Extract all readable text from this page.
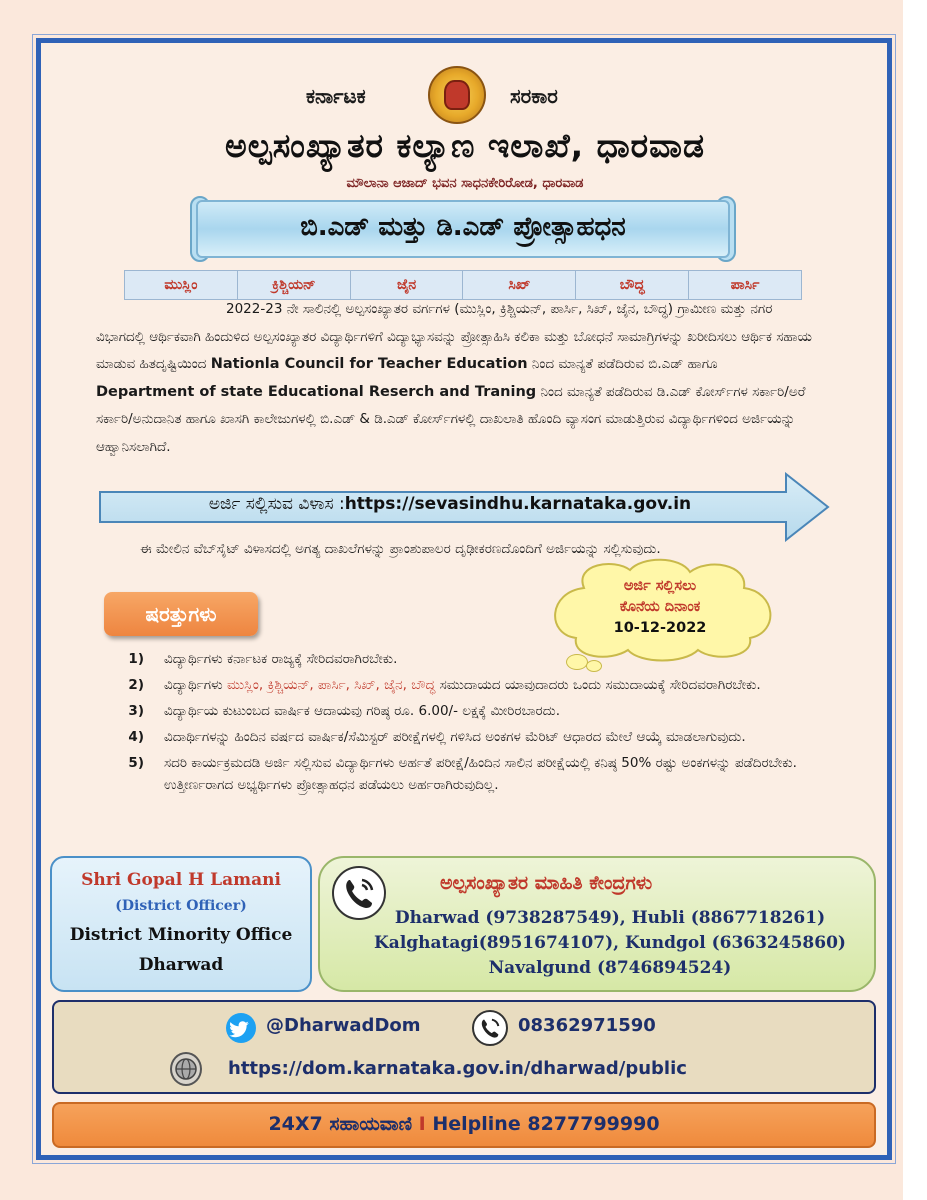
ಕರ್ನಾಟಕ	ಸರಕಾರ
ಅಲ್ಪಸಂಖ್ಯಾತರ ಕಲ್ಯಾಣ ಇಲಾಖೆ, ಧಾರವಾಡ
ಮೌಲಾನಾ ಆಜಾದ್ ಭವನ ಸಾಧನಕೇರಿರೋಡ, ಧಾರವಾಡ
ಬಿ.ಎಡ್ ಮತ್ತು ಡಿ.ಎಡ್ ಪ್ರೋತ್ಸಾಹಧನ
ಮುಸ್ಲಿಂ	ಕ್ರಿಶ್ಚಿಯನ್	ಜೈನ	ಸಿಖ್	ಬೌದ್ಧ	ಪಾರ್ಸಿ
2022-23 ನೇ ಸಾಲಿನಲ್ಲಿ ಅಲ್ಪಸಂಖ್ಯಾತರ ವರ್ಗಗಳ (ಮುಸ್ಲಿಂ, ಕ್ರಿಶ್ಚಿಯನ್, ಪಾರ್ಸಿ, ಸಿಖ್, ಜೈನ, ಬೌದ್ಧ) ಗ್ರಾಮೀಣ ಮತ್ತು ನಗರ ವಿಭಾಗದಲ್ಲಿ ಆರ್ಥಿಕವಾಗಿ ಹಿಂದುಳಿದ ಅಲ್ಪಸಂಖ್ಯಾತರ ವಿದ್ಯಾರ್ಥಿಗಳಿಗೆ ವಿದ್ಯಾಭ್ಯಾಸವನ್ನು ಪ್ರೋತ್ಸಾಹಿಸಿ ಕಲಿಕಾ ಮತ್ತು ಬೋಧನೆ ಸಾಮಾಗ್ರಿಗಳನ್ನು ಖರೀದಿಸಲು ಆರ್ಥಿಕ ಸಹಾಯ ಮಾಡುವ ಹಿತದೃಷ್ಟಿಯಿಂದ Nationla Council for Teacher Education ನಿಂದ ಮಾನ್ಯತೆ ಪಡೆದಿರುವ ಬಿ.ಎಡ್ ಹಾಗೂ Department of state Educational Reserch and Traning ನಿಂದ ಮಾನ್ಯತೆ ಪಡೆದಿರುವ ಡಿ.ಎಡ್ ಕೋರ್ಸ್‌ಗಳ ಸರ್ಕಾರಿ/ಅರೆ ಸರ್ಕಾರಿ/ಅನುದಾನಿತ ಹಾಗೂ ಖಾಸಗಿ ಕಾಲೇಜುಗಳಲ್ಲಿ ಬಿ.ಎಡ್ & ಡಿ.ಎಡ್ ಕೋರ್ಸ್‌ಗಳಲ್ಲಿ ದಾಖಲಾತಿ ಹೊಂದಿ ವ್ಯಾಸಂಗ ಮಾಡುತ್ತಿರುವ ವಿದ್ಯಾರ್ಥಿಗಳಿಂದ ಅರ್ಜಿಯನ್ನು ಆಹ್ವಾನಿಸಲಾಗಿದೆ.
ಅರ್ಜಿ ಸಲ್ಲಿಸುವ ವಿಳಾಸ :https://sevasindhu.karnataka.gov.in
ಈ ಮೇಲಿನ ವೆಬ್‌ಸೈಟ್ ವಿಳಾಸದಲ್ಲಿ ಅಗತ್ಯ ದಾಖಲೆಗಳನ್ನು ಪ್ರಾಂಶುಪಾಲರ ದೃಢೀಕರಣದೊಂದಿಗೆ ಅರ್ಜಿಯನ್ನು ಸಲ್ಲಿಸುವುದು.
ಅರ್ಜಿ ಸಲ್ಲಿಸಲು
ಕೊನೆಯ ದಿನಾಂಕ
10-12-2022
ಷರತ್ತುಗಳು
1) ವಿದ್ಯಾರ್ಥಿಗಳು ಕರ್ನಾಟಕ ರಾಜ್ಯಕ್ಕೆ ಸೇರಿದವರಾಗಿರಬೇಕು.
2) ವಿದ್ಯಾರ್ಥಿಗಳು ಮುಸ್ಲಿಂ, ಕ್ರಿಶ್ಚಿಯನ್, ಪಾರ್ಸಿ, ಸಿಖ್, ಜೈನ, ಬೌದ್ಧ ಸಮುದಾಯದ ಯಾವುದಾದರು ಒಂದು ಸಮುದಾಯಕ್ಕೆ ಸೇರಿದವರಾಗಿರಬೇಕು.
3) ವಿದ್ಯಾರ್ಥಿಯ ಕುಟುಂಬದ ವಾರ್ಷಿಕ ಆದಾಯವು ಗರಿಷ್ಠ ರೂ. 6.00/- ಲಕ್ಷಕ್ಕೆ ಮೀರಿರಬಾರದು.
4) ವಿದಾರ್ಥಿಗಳನ್ನು ಹಿಂದಿನ ವರ್ಷದ ವಾರ್ಷಿಕ/ಸೆಮಿಸ್ಟರ್ ಪರೀಕ್ಷೆಗಳಲ್ಲಿ ಗಳಿಸಿದ ಅಂಕಗಳ ಮೆರಿಟ್ ಆಧಾರದ ಮೇಲೆ ಆಯ್ಕೆ ಮಾಡಲಾಗುವುದು.
5) ಸದರಿ ಕಾರ್ಯಕ್ರಮದಡಿ ಅರ್ಜಿ ಸಲ್ಲಿಸುವ ವಿದ್ಯಾರ್ಥಿಗಳು ಅರ್ಹತೆ ಪರೀಕ್ಷೆ/ಹಿಂದಿನ ಸಾಲಿನ ಪರೀಕ್ಷೆಯಲ್ಲಿ ಕನಿಷ್ಠ 50% ರಷ್ಟು ಅಂಕಗಳನ್ನು ಪಡೆದಿರಬೇಕು. ಉತ್ತೀರ್ಣರಾಗದ ಅಭ್ಯರ್ಥಿಗಳು ಪ್ರೋತ್ಸಾಹಧನ ಪಡೆಯಲು ಅರ್ಹರಾಗಿರುವುದಿಲ್ಲ.
Shri Gopal H Lamani
(District Officer)
District Minority Office
Dharwad
ಅಲ್ಪಸಂಖ್ಯಾತರ ಮಾಹಿತಿ ಕೇಂದ್ರಗಳು
Dharwad (9738287549), Hubli (8867718261)
Kalghatagi(8951674107), Kundgol (6363245860)
Navalgund (8746894524)
@DharwadDom	08362971590
https://dom.karnataka.gov.in/dharwad/public
24X7 ಸಹಾಯವಾಣಿ I Helpline 8277799990
